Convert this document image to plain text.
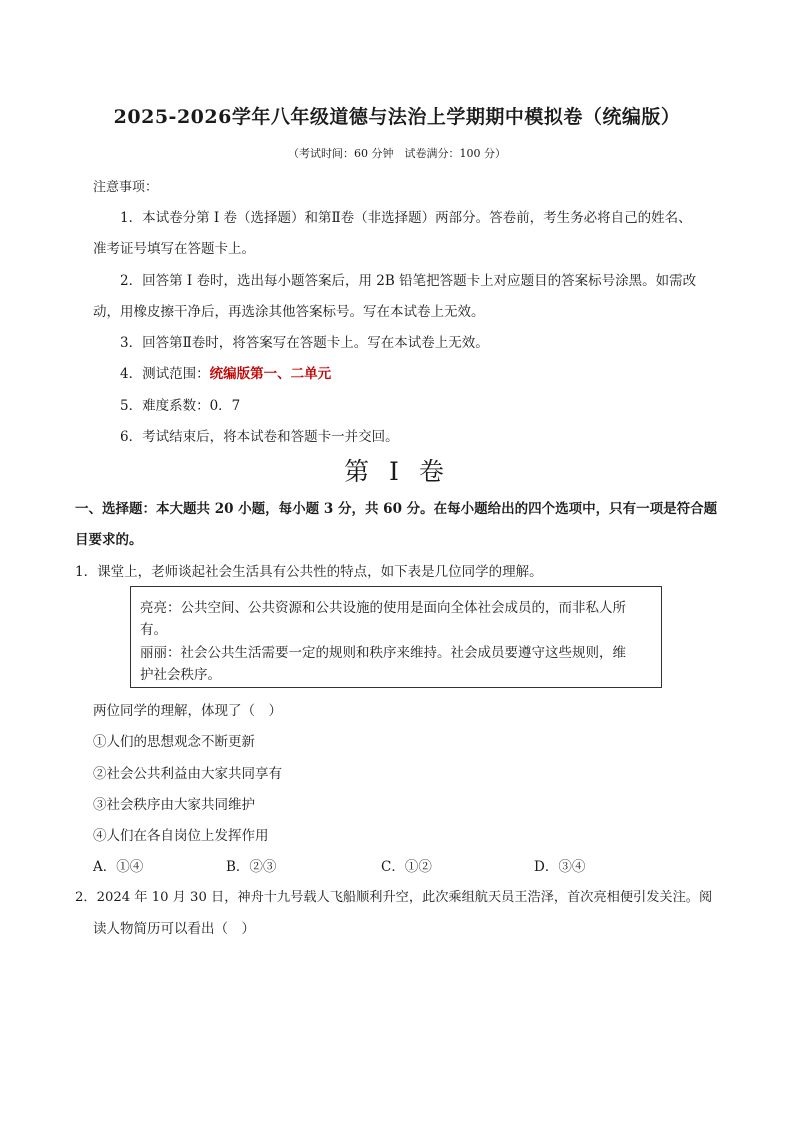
2025-2026学年八年级道德与法治上学期期中模拟卷（统编版）
（考试时间：60 分钟　试卷满分：100 分）
注意事项：
1．本试卷分第 I 卷（选择题）和第Ⅱ卷（非选择题）两部分。答卷前，考生务必将自己的姓名、
准考证号填写在答题卡上。
2．回答第 I 卷时，选出每小题答案后，用 2B 铅笔把答题卡上对应题目的答案标号涂黑。如需改
动，用橡皮擦干净后，再选涂其他答案标号。写在本试卷上无效。
3．回答第Ⅱ卷时，将答案写在答题卡上。写在本试卷上无效。
4．测试范围：统编版第一、二单元
5．难度系数：0．7
6．考试结束后，将本试卷和答题卡一并交回。
第 I 卷
一、选择题：本大题共 20 小题，每小题 3 分，共 60 分。在每小题给出的四个选项中，只有一项是符合题
目要求的。
1．课堂上，老师谈起社会生活具有公共性的特点，如下表是几位同学的理解。
亮亮：公共空间、公共资源和公共设施的使用是面向全体社会成员的，而非私人所
有。
丽丽：社会公共生活需要一定的规则和秩序来维持。社会成员要遵守这些规则，维
护社会秩序。
两位同学的理解，体现了（　）
①人们的思想观念不断更新
②社会公共利益由大家共同享有
③社会秩序由大家共同维护
④人们在各自岗位上发挥作用
A．①④	B．②③	C．①②	D．③④
2．2024 年 10 月 30 日，神舟十九号载人飞船顺利升空，此次乘组航天员王浩泽，首次亮相便引发关注。阅
读人物简历可以看出（　）
